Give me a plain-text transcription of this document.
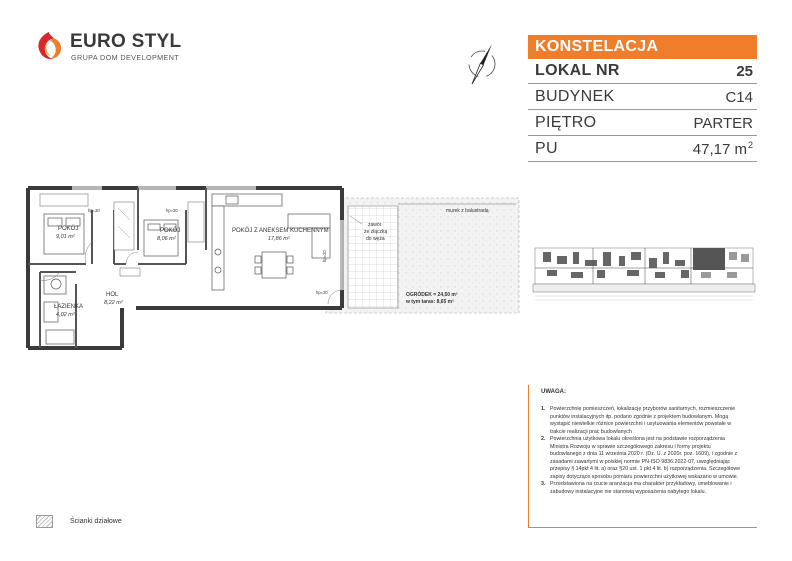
EURO STYL
GRUPA DOM DEVELOPMENT
KONSTELACJA
LOKAL NR	25
BUDYNEK	C14
PIĘTRO	PARTER
PU	47,17 $m^2$
POKÓJ
9,01 m²
POKÓJ
8,06 m²
POKÓJ Z ANEKSEM KUCHENNYM
17,86 m²
HOL
8,22 m²
ŁAZIENKA
4,02 m²
hp=20	hp=20
hp=20
hp=20
zawór
ze złączką
do węża
murek z balustradą
OGRÓDEK = 24,50 m²
w tym taras: 8,65 m²
UWAGA:
1. Powierzchnię pomieszczeń, lokalizację przyborów sanitarnych, rozmieszczenie punktów instalacyjnych itp. podano zgodnie z projektem budowlanym. Mogą wystąpić niewielkie różnice powierzchni i usytuowania elementów powstałe w trakcie realizacji prac budowlanych
2. Powierzchnia użytkowa lokalu określona jest na podstawie rozporządzenia Ministra Rozwoju w sprawie szczegółowego zakresu i formy projektu budowlanego z dnia 11 września 2020 r. (Dz. U. z 2020r. poz. 1609), i zgodnie z zasadami zawartymi w polskiej normie PN-ISO 9836:2022-07, uwzględniając przepisy § 14pkt 4 lit. a) oraz §20 ust. 1 pkt 4 lit. b) rozporządzenia. Szczegółowe zapisy dotyczące sposobu pomiaru powierzchni użytkowej wskazano w umowie.
3. Przedstawiona na rzucie aranżacja ma charakter przykładowy, umeblowanie i zabudowy instalacyjne nie stanowią wyposażenia nabytego lokalu.
Ścianki działowe
